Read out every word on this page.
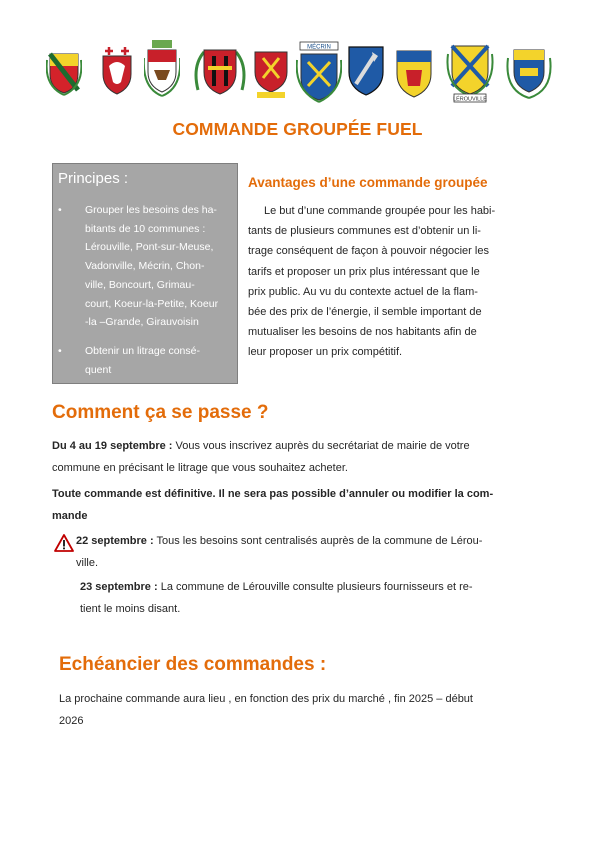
MÉCRIN
LÉROUVILLE
COMMANDE GROUPÉE FUEL
Principes :
• Grouper les besoins des ha-
bitants de 10 communes :
Lérouville, Pont-sur-Meuse,
Vadonville, Mécrin, Chon-
ville, Boncourt, Grimau-
court, Koeur-la-Petite, Koeur
-la –Grande, Girauvoisin
• Obtenir un litrage consé-
quent
Avantages d’une commande groupée
Le but d’une commande groupée pour les habi-
tants de plusieurs communes est d’obtenir un li-
trage conséquent de façon à pouvoir négocier les
tarifs et proposer un prix plus intéressant que le
prix public. Au vu du contexte actuel de la flam-
bée des prix de l’énergie, il semble important de
mutualiser les besoins de nos habitants afin de
leur proposer un prix compétitif.
Comment ça se passe ?
Du 4 au 19 septembre : Vous vous inscrivez auprès du secrétariat de mairie de votre
commune en précisant le litrage que vous souhaitez acheter.
Toute commande est définitive. Il ne sera pas possible d’annuler ou modifier la com-
mande
22 septembre : Tous les besoins sont centralisés auprès de la commune de Lérou-
ville.
23 septembre : La commune de Lérouville consulte plusieurs fournisseurs et re-
tient le moins disant.
Echéancier des commandes :
La prochaine commande aura lieu , en fonction des prix du marché , fin 2025 – début
2026
